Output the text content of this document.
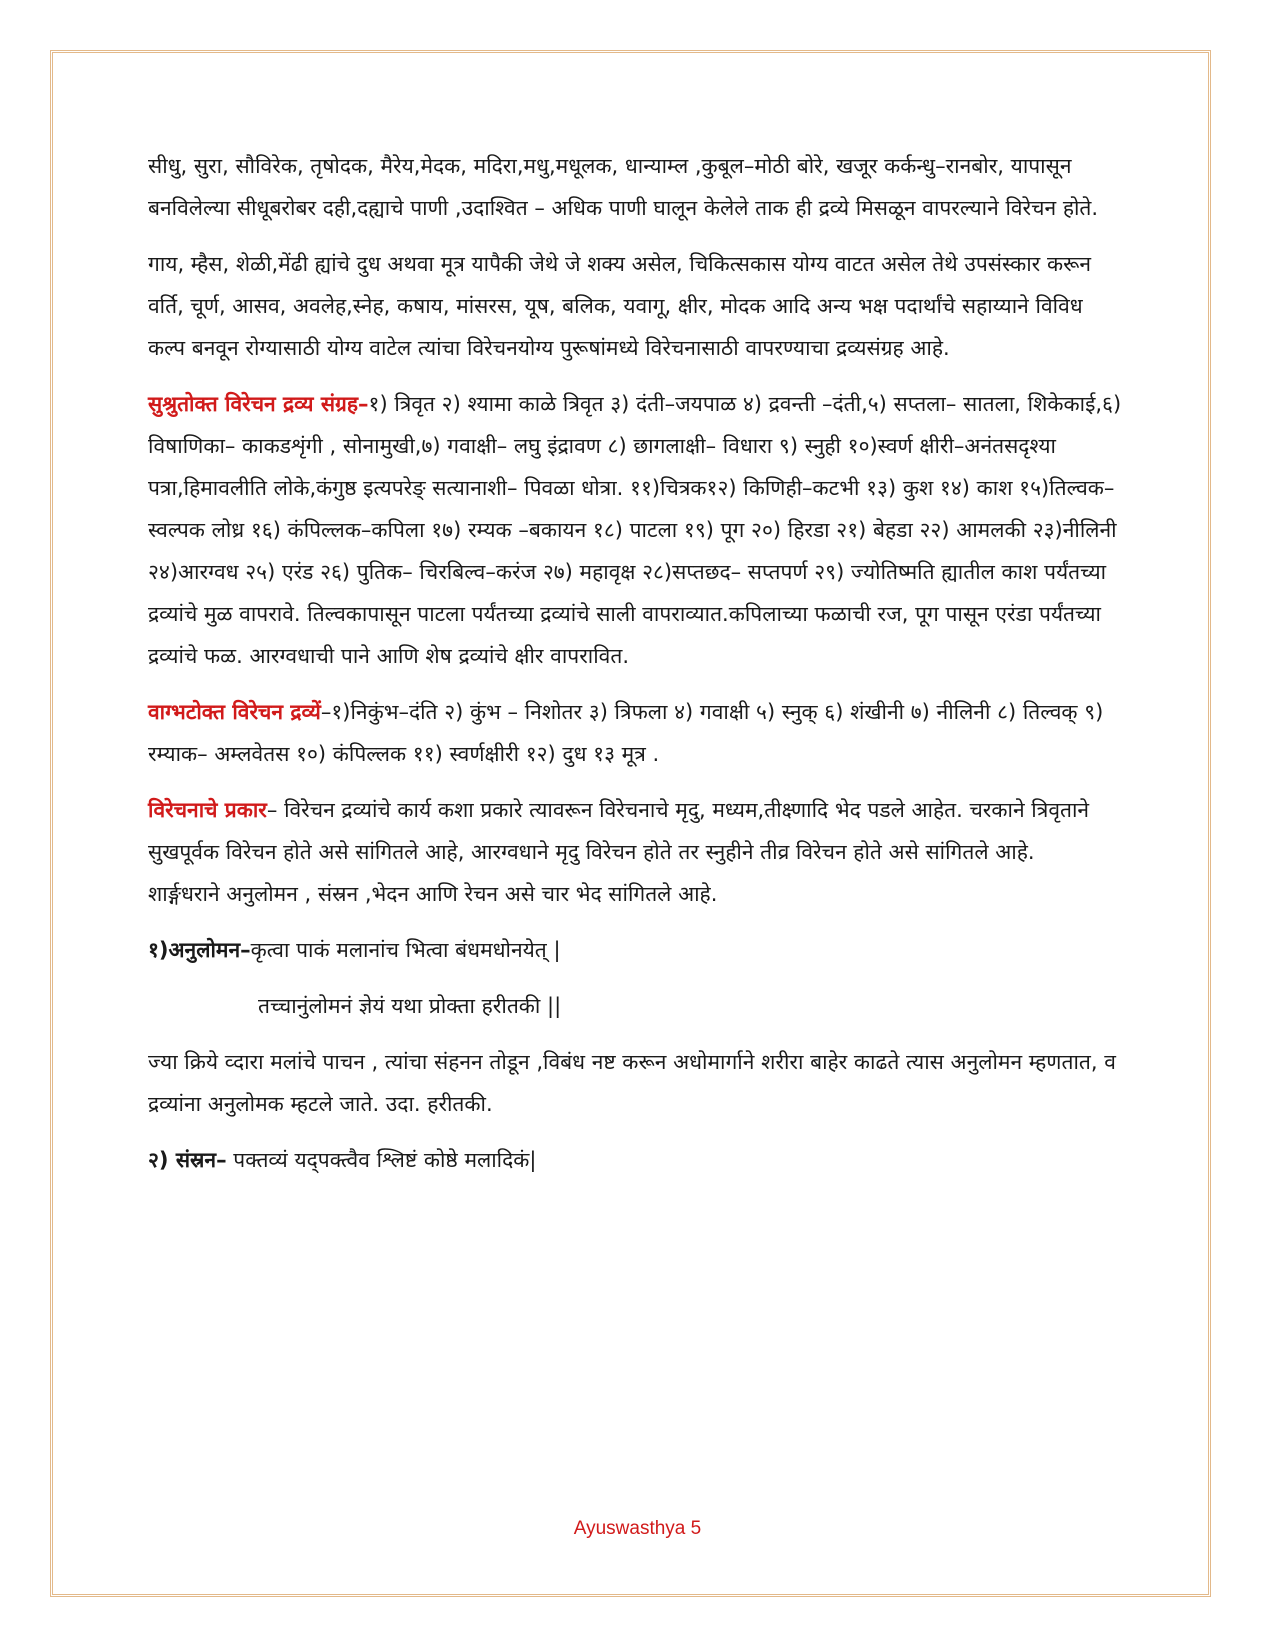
सीधु, सुरा, सौविरेक, तृषोदक, मैरेय,मेदक, मदिरा,मधु,मधूलक, धान्याम्ल ,कुबूल–मोठी बोरे, खजूर कर्कन्धु–रानबोर, यापासून बनविलेल्या सीधूबरोबर दही,दह्याचे पाणी ,उदाश्वित – अधिक पाणी घालून केलेले ताक ही द्रव्ये मिसळून वापरल्याने विरेचन होते.

गाय, म्हैस, शेळी,मेंढी ह्यांचे दुध अथवा मूत्र यापैकी जेथे जे शक्य असेल, चिकित्सकास योग्य वाटत असेल तेथे उपसंस्कार करून वर्ति, चूर्ण, आसव, अवलेह,स्नेह, कषाय, मांसरस, यूष, बलिक, यवागू, क्षीर, मोदक आदि अन्य भक्ष पदार्थांचे सहाय्याने विविध कल्प बनवून रोग्यासाठी योग्य वाटेल त्यांचा विरेचनयोग्य पुरूषांमध्ये विरेचनासाठी वापरण्याचा द्रव्यसंग्रह आहे.

सुश्रुतोक्त विरेचन द्रव्य संग्रह–१) त्रिवृत २) श्यामा काळे त्रिवृत ३) दंती–जयपाळ ४) द्रवन्ती –दंती,५) सप्तला– सातला, शिकेकाई,६) विषाणिका– काकडशृंगी , सोनामुखी,७) गवाक्षी– लघु इंद्रावण ८) छागलाक्षी– विधारा ९) स्नुही १०)स्वर्ण क्षीरी–अनंतसदृश्या पत्रा,हिमावलीति लोके,कंगुष्ठ इत्यपरेङ् सत्यानाशी– पिवळा धोत्रा. ११)चित्रक१२) किणिही–कटभी १३) कुश १४) काश १५)तिल्वक–स्वल्पक लोध्र १६) कंपिल्लक–कपिला १७) रम्यक –बकायन १८) पाटला १९) पूग २०) हिरडा २१) बेहडा २२) आमलकी २३)नीलिनी २४)आरग्वध २५) एरंड २६) पुतिक– चिरबिल्व–करंज २७) महावृक्ष २८)सप्तछद– सप्तपर्ण २९) ज्योतिष्मति ह्यातील काश पर्यंतच्या द्रव्यांचे मुळ वापरावे. तिल्वकापासून पाटला पर्यंतच्या द्रव्यांचे साली वापराव्यात.कपिलाच्या फळाची रज, पूग पासून एरंडा पर्यंतच्या द्रव्यांचे फळ. आरग्वधाची पाने आणि शेष द्रव्यांचे क्षीर वापरावित.

वाग्भटोक्त विरेचन द्रव्यें–१)निकुंभ–दंति २) कुंभ – निशोतर ३) त्रिफला ४) गवाक्षी ५) स्नुक् ६) शंखीनी ७) नीलिनी ८) तिल्वक् ९) रम्याक– अम्लवेतस १०) कंपिल्लक ११) स्वर्णक्षीरी १२) दुध १३ मूत्र .

विरेचनाचे प्रकार– विरेचन द्रव्यांचे कार्य कशा प्रकारे त्यावरून विरेचनाचे मृदु, मध्यम,तीक्ष्णादि भेद पडले आहेत. चरकाने त्रिवृताने सुखपूर्वक विरेचन होते असे सांगितले आहे, आरग्वधाने मृदु विरेचन होते तर स्नुहीने तीव्र विरेचन होते असे सांगितले आहे.

शार्ङ्गधराने अनुलोमन , संस्रन ,भेदन आणि रेचन असे चार भेद सांगितले आहे.

१)अनुलोमन–कृत्वा पाकं मलानांच भित्वा बंधमधोनयेत् |

तच्चानुंलोमनं ज्ञेयं यथा प्रोक्ता हरीतकी ||

ज्या क्रिये व्दारा मलांचे पाचन , त्यांचा संहनन तोडून ,विबंध नष्ट करून अधोमार्गाने शरीरा बाहेर काढते त्यास अनुलोमन म्हणतात, व द्रव्यांना अनुलोमक म्हटले जाते. उदा. हरीतकी.

२) संस्रन– पक्तव्यं यद्पक्त्वैव श्लिष्टं कोष्ठे मलादिकं|

Ayuswasthya 5
